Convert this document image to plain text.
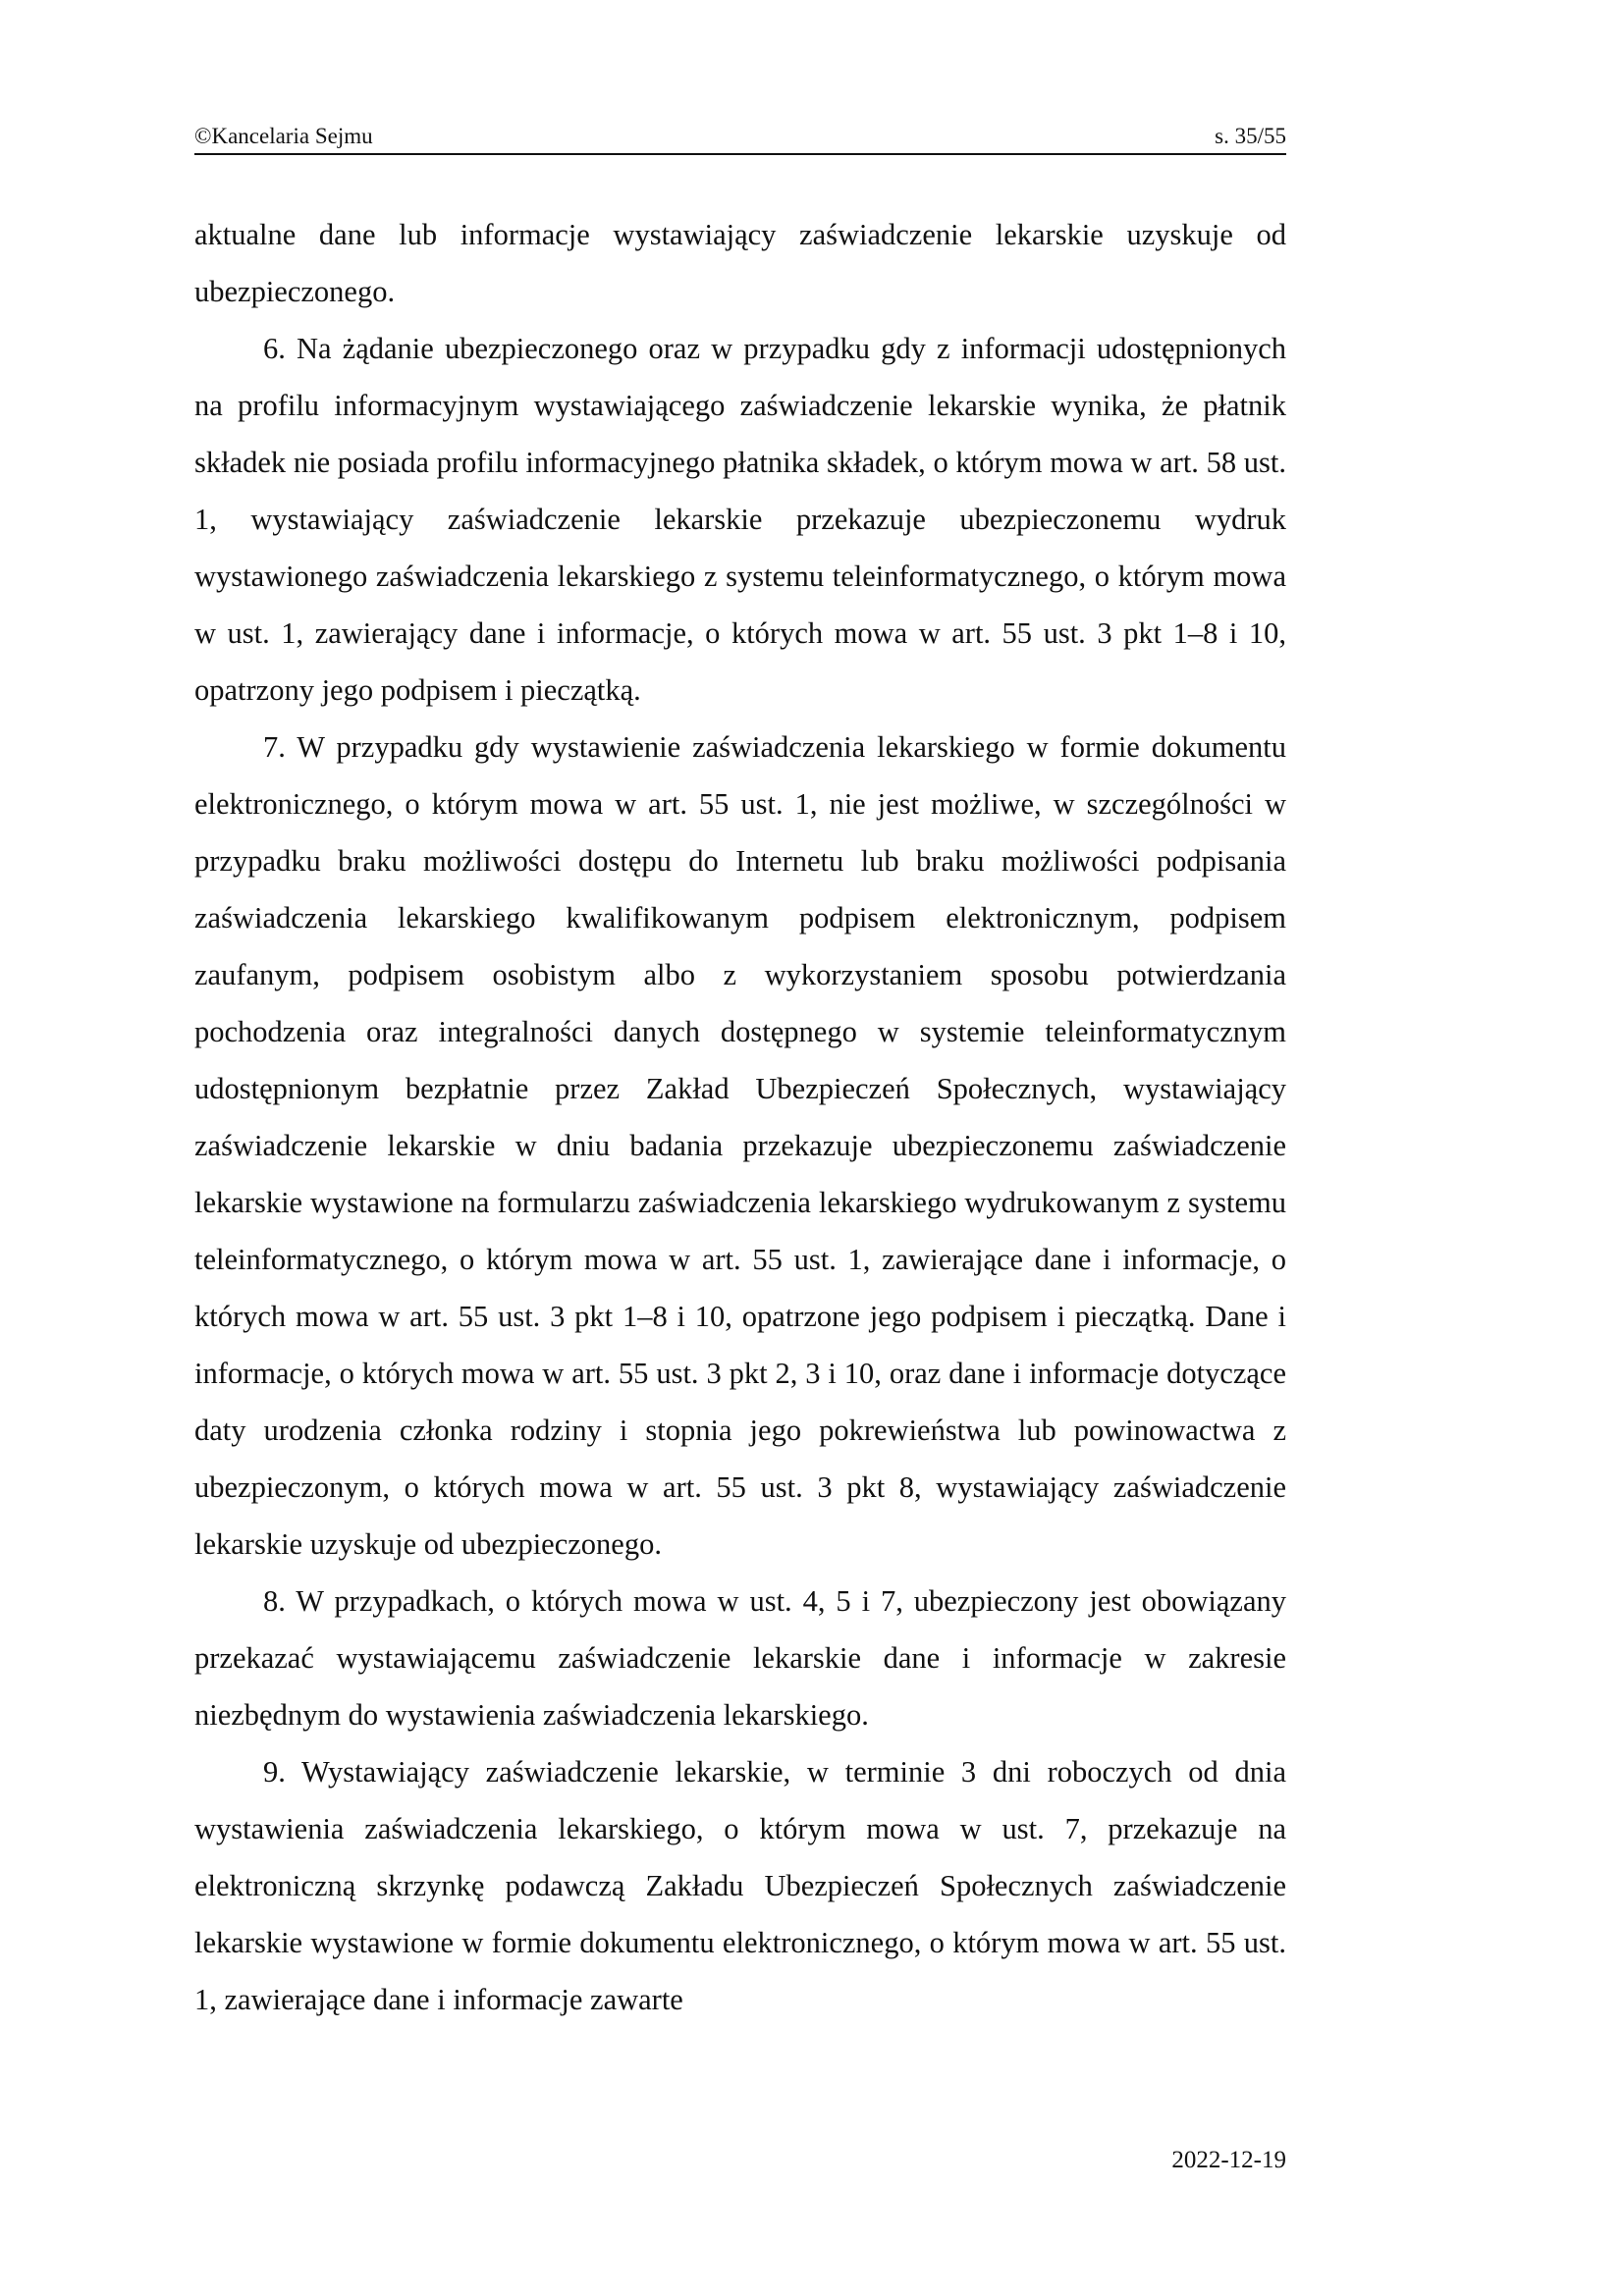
©Kancelaria Sejmu	s. 35/55

aktualne dane lub informacje wystawiający zaświadczenie lekarskie uzyskuje od ubezpieczonego.

6. Na żądanie ubezpieczonego oraz w przypadku gdy z informacji udostępnionych na profilu informacyjnym wystawiającego zaświadczenie lekarskie wynika, że płatnik składek nie posiada profilu informacyjnego płatnika składek, o którym mowa w art. 58 ust. 1, wystawiający zaświadczenie lekarskie przekazuje ubezpieczonemu wydruk wystawionego zaświadczenia lekarskiego z systemu teleinformatycznego, o którym mowa w ust. 1, zawierający dane i informacje, o których mowa w art. 55 ust. 3 pkt 1–8 i 10, opatrzony jego podpisem i pieczątką.

7. W przypadku gdy wystawienie zaświadczenia lekarskiego w formie dokumentu elektronicznego, o którym mowa w art. 55 ust. 1, nie jest możliwe, w szczególności w przypadku braku możliwości dostępu do Internetu lub braku możliwości podpisania zaświadczenia lekarskiego kwalifikowanym podpisem elektronicznym, podpisem zaufanym, podpisem osobistym albo z wykorzystaniem sposobu potwierdzania pochodzenia oraz integralności danych dostępnego w systemie teleinformatycznym udostępnionym bezpłatnie przez Zakład Ubezpieczeń Społecznych, wystawiający zaświadczenie lekarskie w dniu badania przekazuje ubezpieczonemu zaświadczenie lekarskie wystawione na formularzu zaświadczenia lekarskiego wydrukowanym z systemu teleinformatycznego, o którym mowa w art. 55 ust. 1, zawierające dane i informacje, o których mowa w art. 55 ust. 3 pkt 1–8 i 10, opatrzone jego podpisem i pieczątką. Dane i informacje, o których mowa w art. 55 ust. 3 pkt 2, 3 i 10, oraz dane i informacje dotyczące daty urodzenia członka rodziny i stopnia jego pokrewieństwa lub powinowactwa z ubezpieczonym, o których mowa w art. 55 ust. 3 pkt 8, wystawiający zaświadczenie lekarskie uzyskuje od ubezpieczonego.

8. W przypadkach, o których mowa w ust. 4, 5 i 7, ubezpieczony jest obowiązany przekazać wystawiającemu zaświadczenie lekarskie dane i informacje w zakresie niezbędnym do wystawienia zaświadczenia lekarskiego.

9. Wystawiający zaświadczenie lekarskie, w terminie 3 dni roboczych od dnia wystawienia zaświadczenia lekarskiego, o którym mowa w ust. 7, przekazuje na elektroniczną skrzynkę podawczą Zakładu Ubezpieczeń Społecznych zaświadczenie lekarskie wystawione w formie dokumentu elektronicznego, o którym mowa w art. 55 ust. 1, zawierające dane i informacje zawarte

2022-12-19
